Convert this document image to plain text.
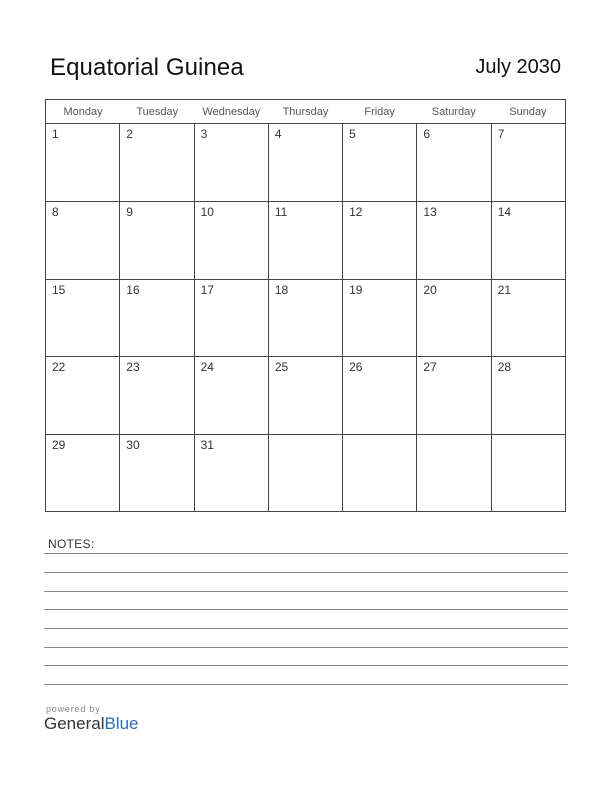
Equatorial Guinea	July 2030
Monday	Tuesday	Wednesday	Thursday	Friday	Saturday	Sunday
1	2	3	4	5	6	7
8	9	10	11	12	13	14
15	16	17	18	19	20	21
22	23	24	25	26	27	28
29	30	31
NOTES:
powered by
GeneralBlue
